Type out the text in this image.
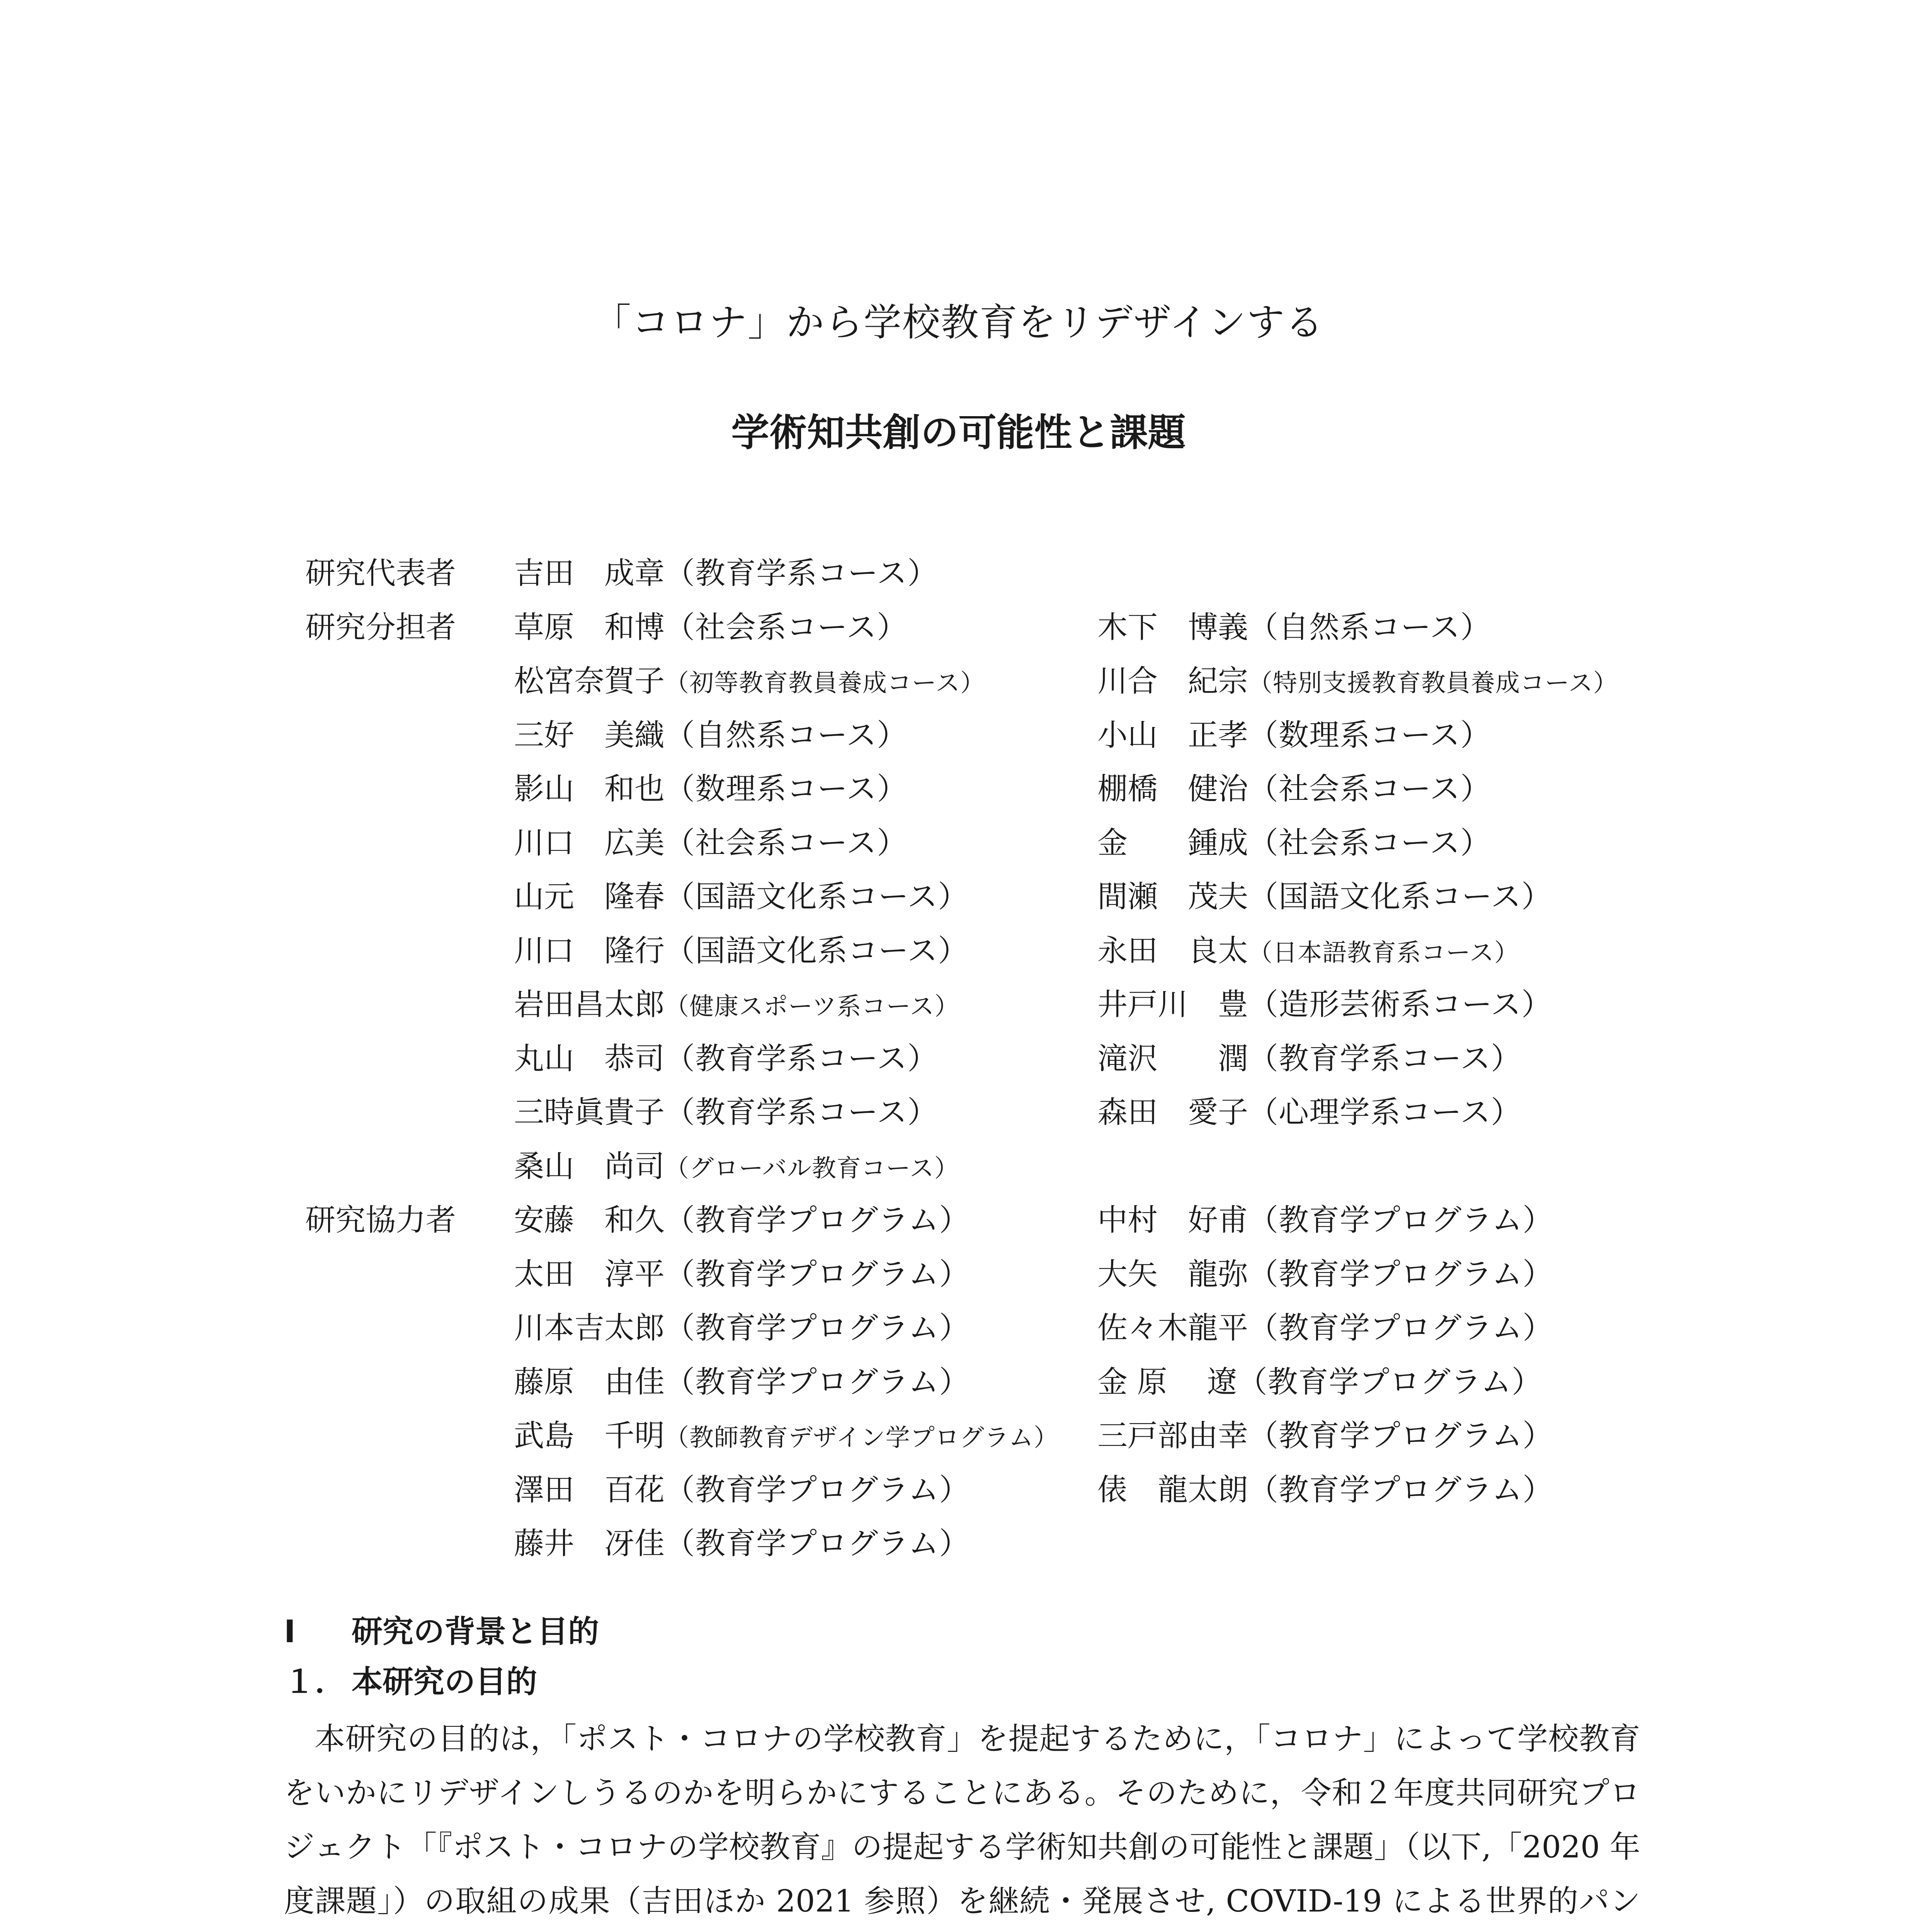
「コロナ」から学校教育をリデザインする
学術知共創の可能性と課題
研究代表者	吉田　成章（教育学系コース）
研究分担者	草原　和博（社会系コース）	木下　博義（自然系コース）
松宮奈賀子（初等教育教員養成コース）	川合　紀宗（特別支援教育教員養成コース）
三好　美織（自然系コース）	小山　正孝（数理系コース）
影山　和也（数理系コース）	棚橋　健治（社会系コース）
川口　広美（社会系コース）	金　　鍾成（社会系コース）
山元　隆春（国語文化系コース）	間瀬　茂夫（国語文化系コース）
川口　隆行（国語文化系コース）	永田　良太（日本語教育系コース）
岩田昌太郎（健康スポーツ系コース）	井戸川　豊（造形芸術系コース）
丸山　恭司（教育学系コース）	滝沢　　潤（教育学系コース）
三時眞貴子（教育学系コース）	森田　愛子（心理学系コース）
桑山　尚司（グローバル教育コース）
研究協力者	安藤　和久（教育学プログラム）	中村　好甫（教育学プログラム）
太田　淳平（教育学プログラム）	大矢　龍弥（教育学プログラム）
川本吉太郎（教育学プログラム）	佐々木龍平（教育学プログラム）
藤原　由佳（教育学プログラム）	金 原　 遼（教育学プログラム）
武島　千明（教師教育デザイン学プログラム）	三戸部由幸（教育学プログラム）
澤田　百花（教育学プログラム）	俵　龍太朗（教育学プログラム）
藤井　冴佳（教育学プログラム）
Ⅰ 研究の背景と目的
１． 本研究の目的

本研究の目的は，「ポスト・コロナの学校教育」を提起するために，「コロナ」によって学校教育をいかにリデザインしうるのかを明らかにすることにある。そのために，令和２年度共同研究プロジェクト「『ポスト・コロナの学校教育』の提起する学術知共創の可能性と課題」（以下,「2020 年度課題」）の取組の成果（吉田ほか 2021 参照）を継続・発展させ, COVID-19 による世界的パン
